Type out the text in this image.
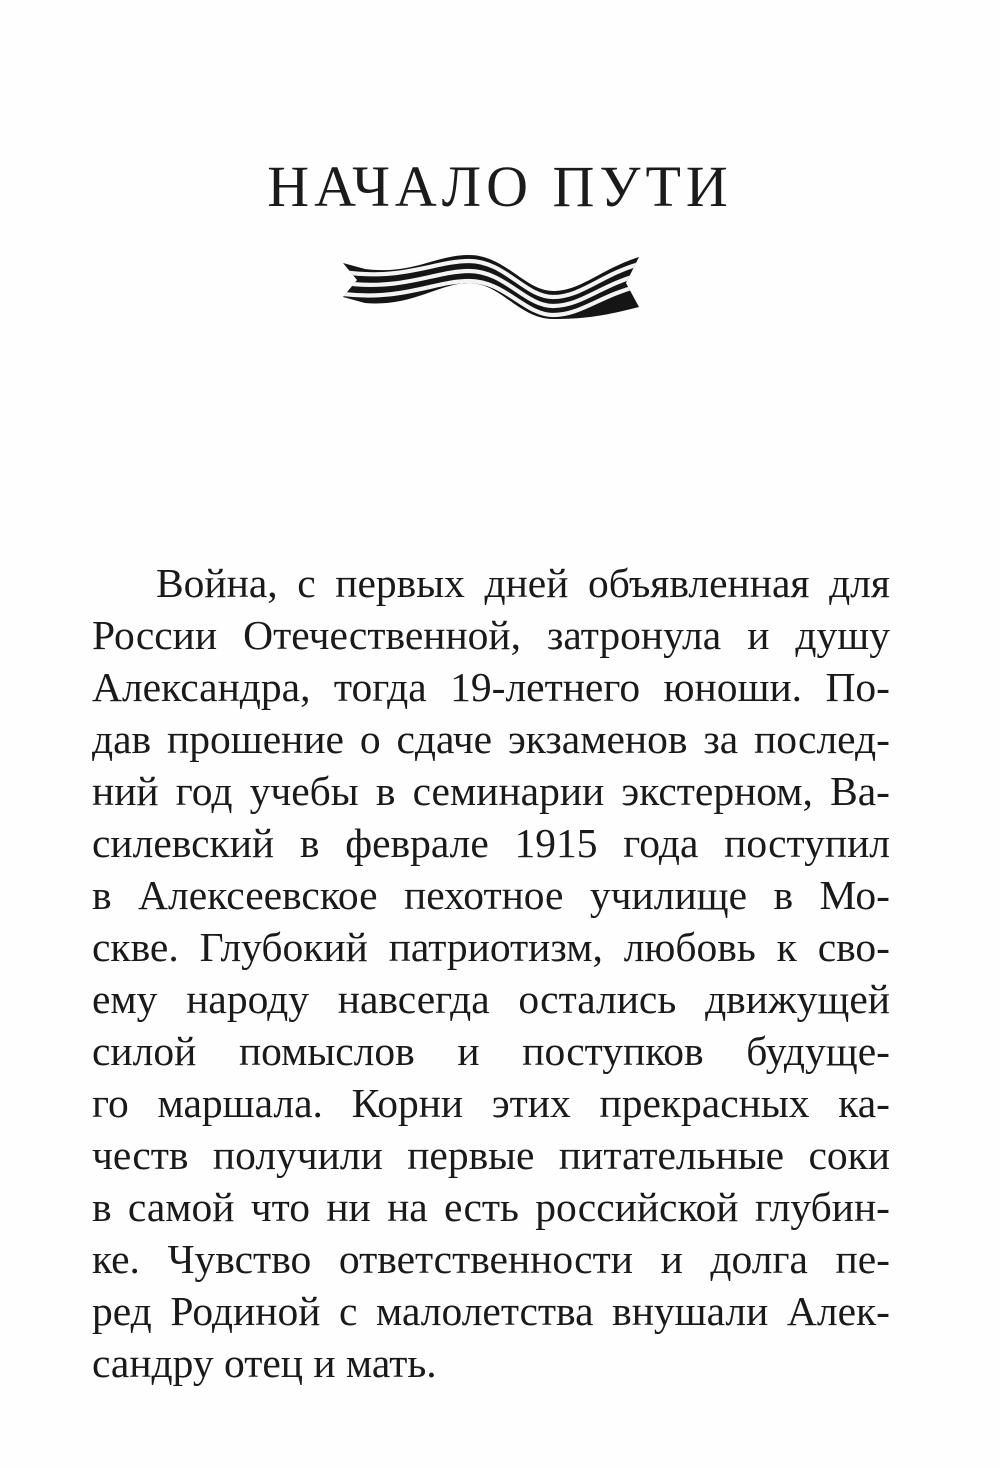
НАЧАЛО ПУТИ
Война, с первых дней объявленная для
России Отечественной, затронула и душу
Александра, тогда 19-летнего юноши. По-
дав прошение о сдаче экзаменов за послед-
ний год учебы в семинарии экстерном, Ва-
силевский в феврале 1915 года поступил
в Алексеевское пехотное училище в Мо-
скве. Глубокий патриотизм, любовь к сво-
ему народу навсегда остались движущей
силой помыслов и поступков будуще-
го маршала. Корни этих прекрасных ка-
честв получили первые питательные соки
в самой что ни на есть российской глубин-
ке. Чувство ответственности и долга пе-
ред Родиной с малолетства внушали Алек-
сандру отец и мать.
